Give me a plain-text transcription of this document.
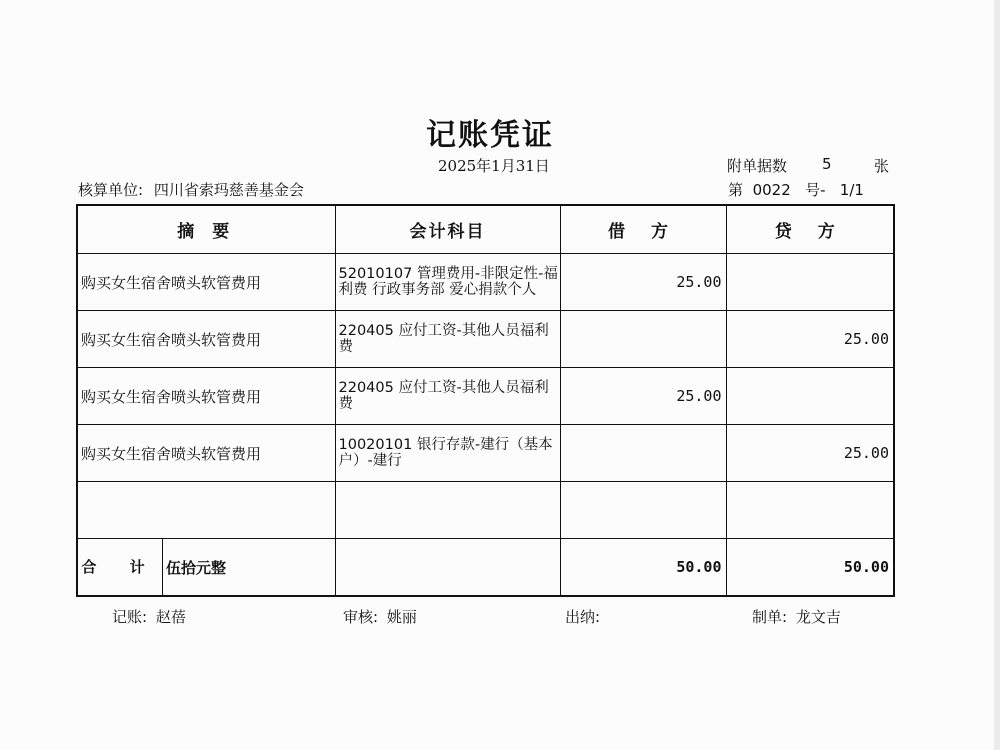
记账凭证
2025年1月31日	附单据数 5	张
核算单位: 四川省索玛慈善基金会	第 0022 号- 1/1
摘 要	会计科目	借 方	贷 方
购买女生宿舍喷头软管费用	52010107 管理费用-非限定性-福利费 行政事务部 爱心捐款个人	25.00	
购买女生宿舍喷头软管费用	220405 应付工资-其他人员福利费		25.00
购买女生宿舍喷头软管费用	220405 应付工资-其他人员福利费	25.00	
购买女生宿舍喷头软管费用	10020101 银行存款-建行（基本户）-建行		25.00

合 计 伍拾元整		50.00	50.00
记账: 赵蓓	审核: 姚丽	出纳:	制单: 龙文吉
